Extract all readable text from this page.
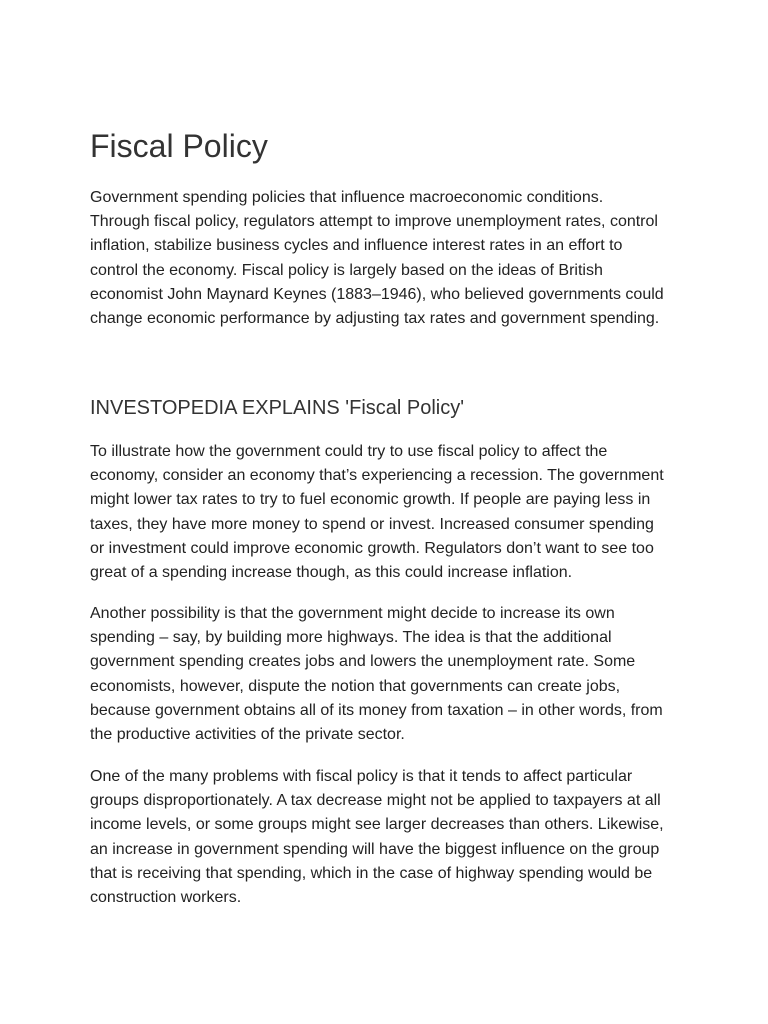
Fiscal Policy

Government spending policies that influence macroeconomic conditions.
Through fiscal policy, regulators attempt to improve unemployment rates, control
inflation, stabilize business cycles and influence interest rates in an effort to
control the economy. Fiscal policy is largely based on the ideas of British
economist John Maynard Keynes (1883–1946), who believed governments could
change economic performance by adjusting tax rates and government spending.

INVESTOPEDIA EXPLAINS 'Fiscal Policy'

To illustrate how the government could try to use fiscal policy to affect the
economy, consider an economy that’s experiencing a recession. The government
might lower tax rates to try to fuel economic growth. If people are paying less in
taxes, they have more money to spend or invest. Increased consumer spending
or investment could improve economic growth. Regulators don’t want to see too
great of a spending increase though, as this could increase inflation.

Another possibility is that the government might decide to increase its own
spending – say, by building more highways. The idea is that the additional
government spending creates jobs and lowers the unemployment rate. Some
economists, however, dispute the notion that governments can create jobs,
because government obtains all of its money from taxation – in other words, from
the productive activities of the private sector.

One of the many problems with fiscal policy is that it tends to affect particular
groups disproportionately. A tax decrease might not be applied to taxpayers at all
income levels, or some groups might see larger decreases than others. Likewise,
an increase in government spending will have the biggest influence on the group
that is receiving that spending, which in the case of highway spending would be
construction workers.
